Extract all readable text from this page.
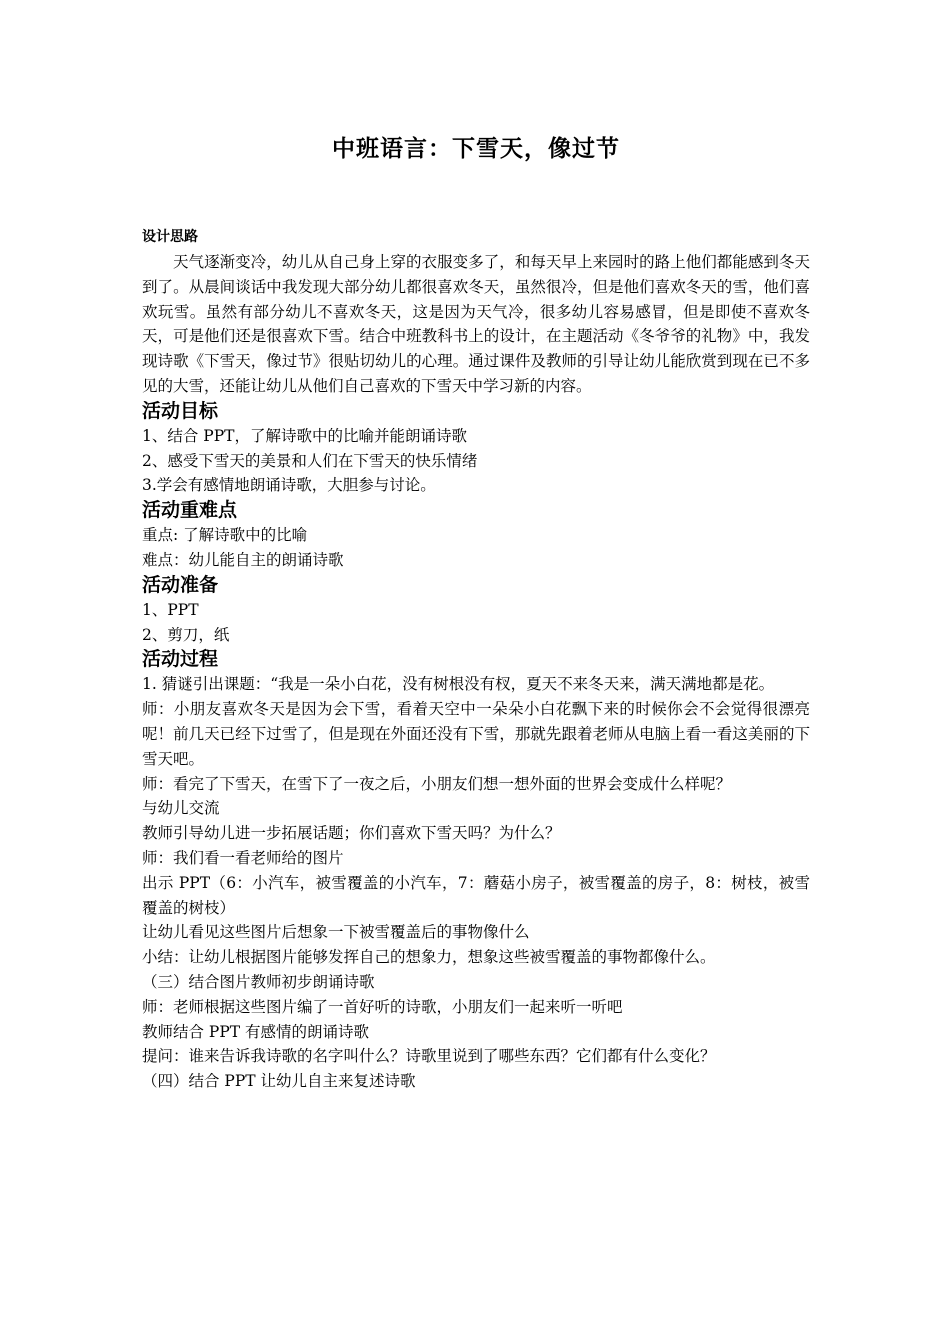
中班语言：下雪天，像过节
设计思路

天气逐渐变冷，幼儿从自己身上穿的衣服变多了，和每天早上来园时的路上他们都能感到冬天到了。从晨间谈话中我发现大部分幼儿都很喜欢冬天，虽然很冷，但是他们喜欢冬天的雪，他们喜欢玩雪。虽然有部分幼儿不喜欢冬天，这是因为天气冷，很多幼儿容易感冒，但是即使不喜欢冬天，可是他们还是很喜欢下雪。结合中班教科书上的设计，在主题活动《冬爷爷的礼物》中，我发现诗歌《下雪天，像过节》很贴切幼儿的心理。通过课件及教师的引导让幼儿能欣赏到现在已不多见的大雪，还能让幼儿从他们自己喜欢的下雪天中学习新的内容。

活动目标

1、结合 PPT，了解诗歌中的比喻并能朗诵诗歌

2、感受下雪天的美景和人们在下雪天的快乐情绪

3.学会有感情地朗诵诗歌，大胆参与讨论。

活动重难点

重点: 了解诗歌中的比喻

难点：幼儿能自主的朗诵诗歌

活动准备

1、PPT

2、剪刀，纸

活动过程

1. 猜谜引出课题：“我是一朵小白花，没有树根没有杈，夏天不来冬天来，满天满地都是花。

师：小朋友喜欢冬天是因为会下雪，看着天空中一朵朵小白花飘下来的时候你会不会觉得很漂亮呢！前几天已经下过雪了，但是现在外面还没有下雪，那就先跟着老师从电脑上看一看这美丽的下雪天吧。

师：看完了下雪天，在雪下了一夜之后，小朋友们想一想外面的世界会变成什么样呢？

与幼儿交流

教师引导幼儿进一步拓展话题；你们喜欢下雪天吗？为什么？

师：我们看一看老师给的图片

出示 PPT（6：小汽车，被雪覆盖的小汽车，7：蘑菇小房子，被雪覆盖的房子，8：树枝，被雪覆盖的树枝）

让幼儿看见这些图片后想象一下被雪覆盖后的事物像什么

小结：让幼儿根据图片能够发挥自己的想象力，想象这些被雪覆盖的事物都像什么。

（三）结合图片教师初步朗诵诗歌

师：老师根据这些图片编了一首好听的诗歌，小朋友们一起来听一听吧

教师结合 PPT 有感情的朗诵诗歌

提问：谁来告诉我诗歌的名字叫什么？诗歌里说到了哪些东西？它们都有什么变化？

（四）结合 PPT 让幼儿自主来复述诗歌
